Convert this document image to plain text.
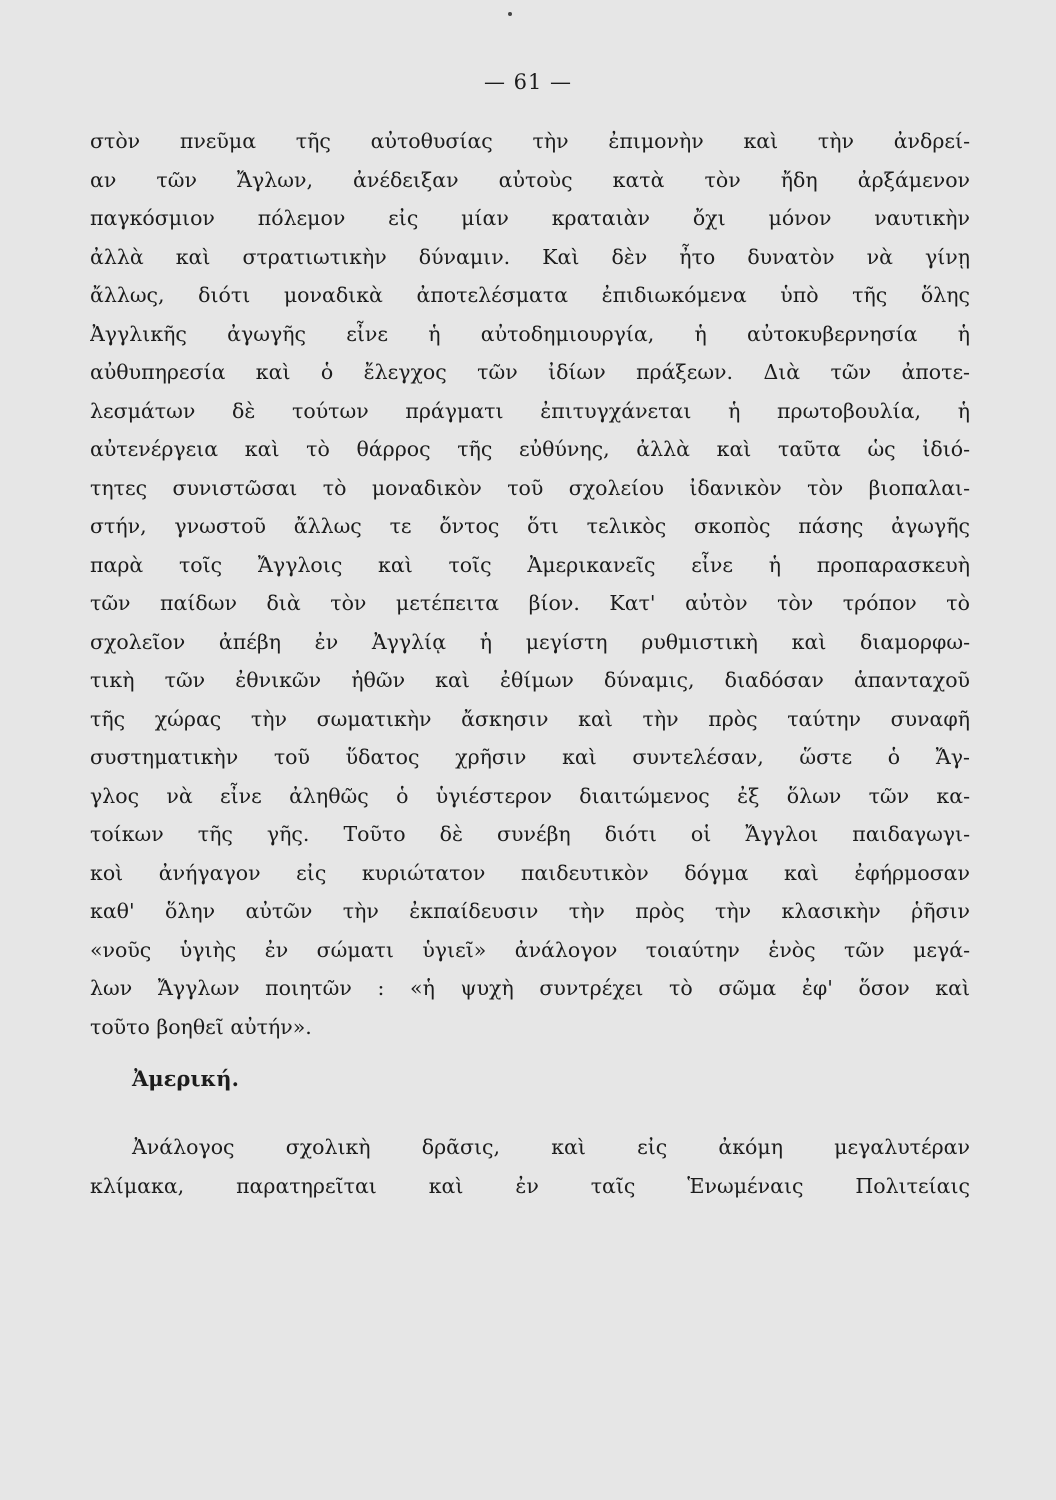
— 61 —
στὸν πνεῦμα τῆς αὐτοθυσίας τὴν ἐπιμονὴν καὶ τὴν ἀνδρεί-
αν τῶν Ἄγλων, ἀνέδειξαν αὐτοὺς κατὰ τὸν ἤδη ἀρξάμενον
παγκόσμιον πόλεμον εἰς μίαν κραταιὰν ὄχι μόνον ναυτικὴν
ἀλλὰ καὶ στρατιωτικὴν δύναμιν. Καὶ δὲν ἦτο δυνατὸν νὰ γίνῃ
ἄλλως, διότι μοναδικὰ ἀποτελέσματα ἐπιδιωκόμενα ὑπὸ τῆς ὅλης
Ἀγγλικῆς ἀγωγῆς εἶνε ἡ αὐτοδημιουργία, ἡ αὐτοκυβερνησία ἡ
αὐθυπηρεσία καὶ ὁ ἔλεγχος τῶν ἰδίων πράξεων. Διὰ τῶν ἀποτε-
λεσμάτων δὲ τούτων πράγματι ἐπιτυγχάνεται ἡ πρωτοβουλία, ἡ
αὐτενέργεια καὶ τὸ θάρρος τῆς εὐθύνης, ἀλλὰ καὶ ταῦτα ὡς ἰδιό-
τητες συνιστῶσαι τὸ μοναδικὸν τοῦ σχολείου ἰδανικὸν τὸν βιοπαλαι-
στήν, γνωστοῦ ἄλλως τε ὄντος ὅτι τελικὸς σκοπὸς πάσης ἀγωγῆς
παρὰ τοῖς Ἄγγλοις καὶ τοῖς Ἀμερικανεῖς εἶνε ἡ προπαρασκευὴ
τῶν παίδων διὰ τὸν μετέπειτα βίον. Κατ' αὐτὸν τὸν τρόπον τὸ
σχολεῖον ἀπέβη ἐν Ἀγγλίᾳ ἡ μεγίστη ρυθμιστικὴ καὶ διαμορφω-
τικὴ τῶν ἐθνικῶν ἠθῶν καὶ ἐθίμων δύναμις, διαδόσαν ἁπανταχοῦ
τῆς χώρας τὴν σωματικὴν ἄσκησιν καὶ τὴν πρὸς ταύτην συναφῆ
συστηματικὴν τοῦ ὕδατος χρῆσιν καὶ συντελέσαν, ὥστε ὁ Ἄγ-
γλος νὰ εἶνε ἀληθῶς ὁ ὑγιέστερον διαιτώμενος ἐξ ὅλων τῶν κα-
τοίκων τῆς γῆς. Τοῦτο δὲ συνέβη διότι οἱ Ἄγγλοι παιδαγωγι-
κοὶ ἀνήγαγον εἰς κυριώτατον παιδευτικὸν δόγμα καὶ ἐφήρμοσαν
καθ' ὅλην αὐτῶν τὴν ἐκπαίδευσιν τὴν πρὸς τὴν κλασικὴν ῥῆσιν
«νοῦς ὑγιὴς ἐν σώματι ὑγιεῖ» ἀνάλογον τοιαύτην ἑνὸς τῶν μεγά-
λων Ἄγγλων ποιητῶν : «ἡ ψυχὴ συντρέχει τὸ σῶμα ἐφ' ὅσον καὶ
τοῦτο βοηθεῖ αὐτήν».
Ἀμερική.
Ἀνάλογος σχολικὴ δρᾶσις, καὶ εἰς ἀκόμη μεγαλυτέραν
κλίμακα, παρατηρεῖται καὶ ἐν ταῖς Ἑνωμέναις Πολιτείαις
